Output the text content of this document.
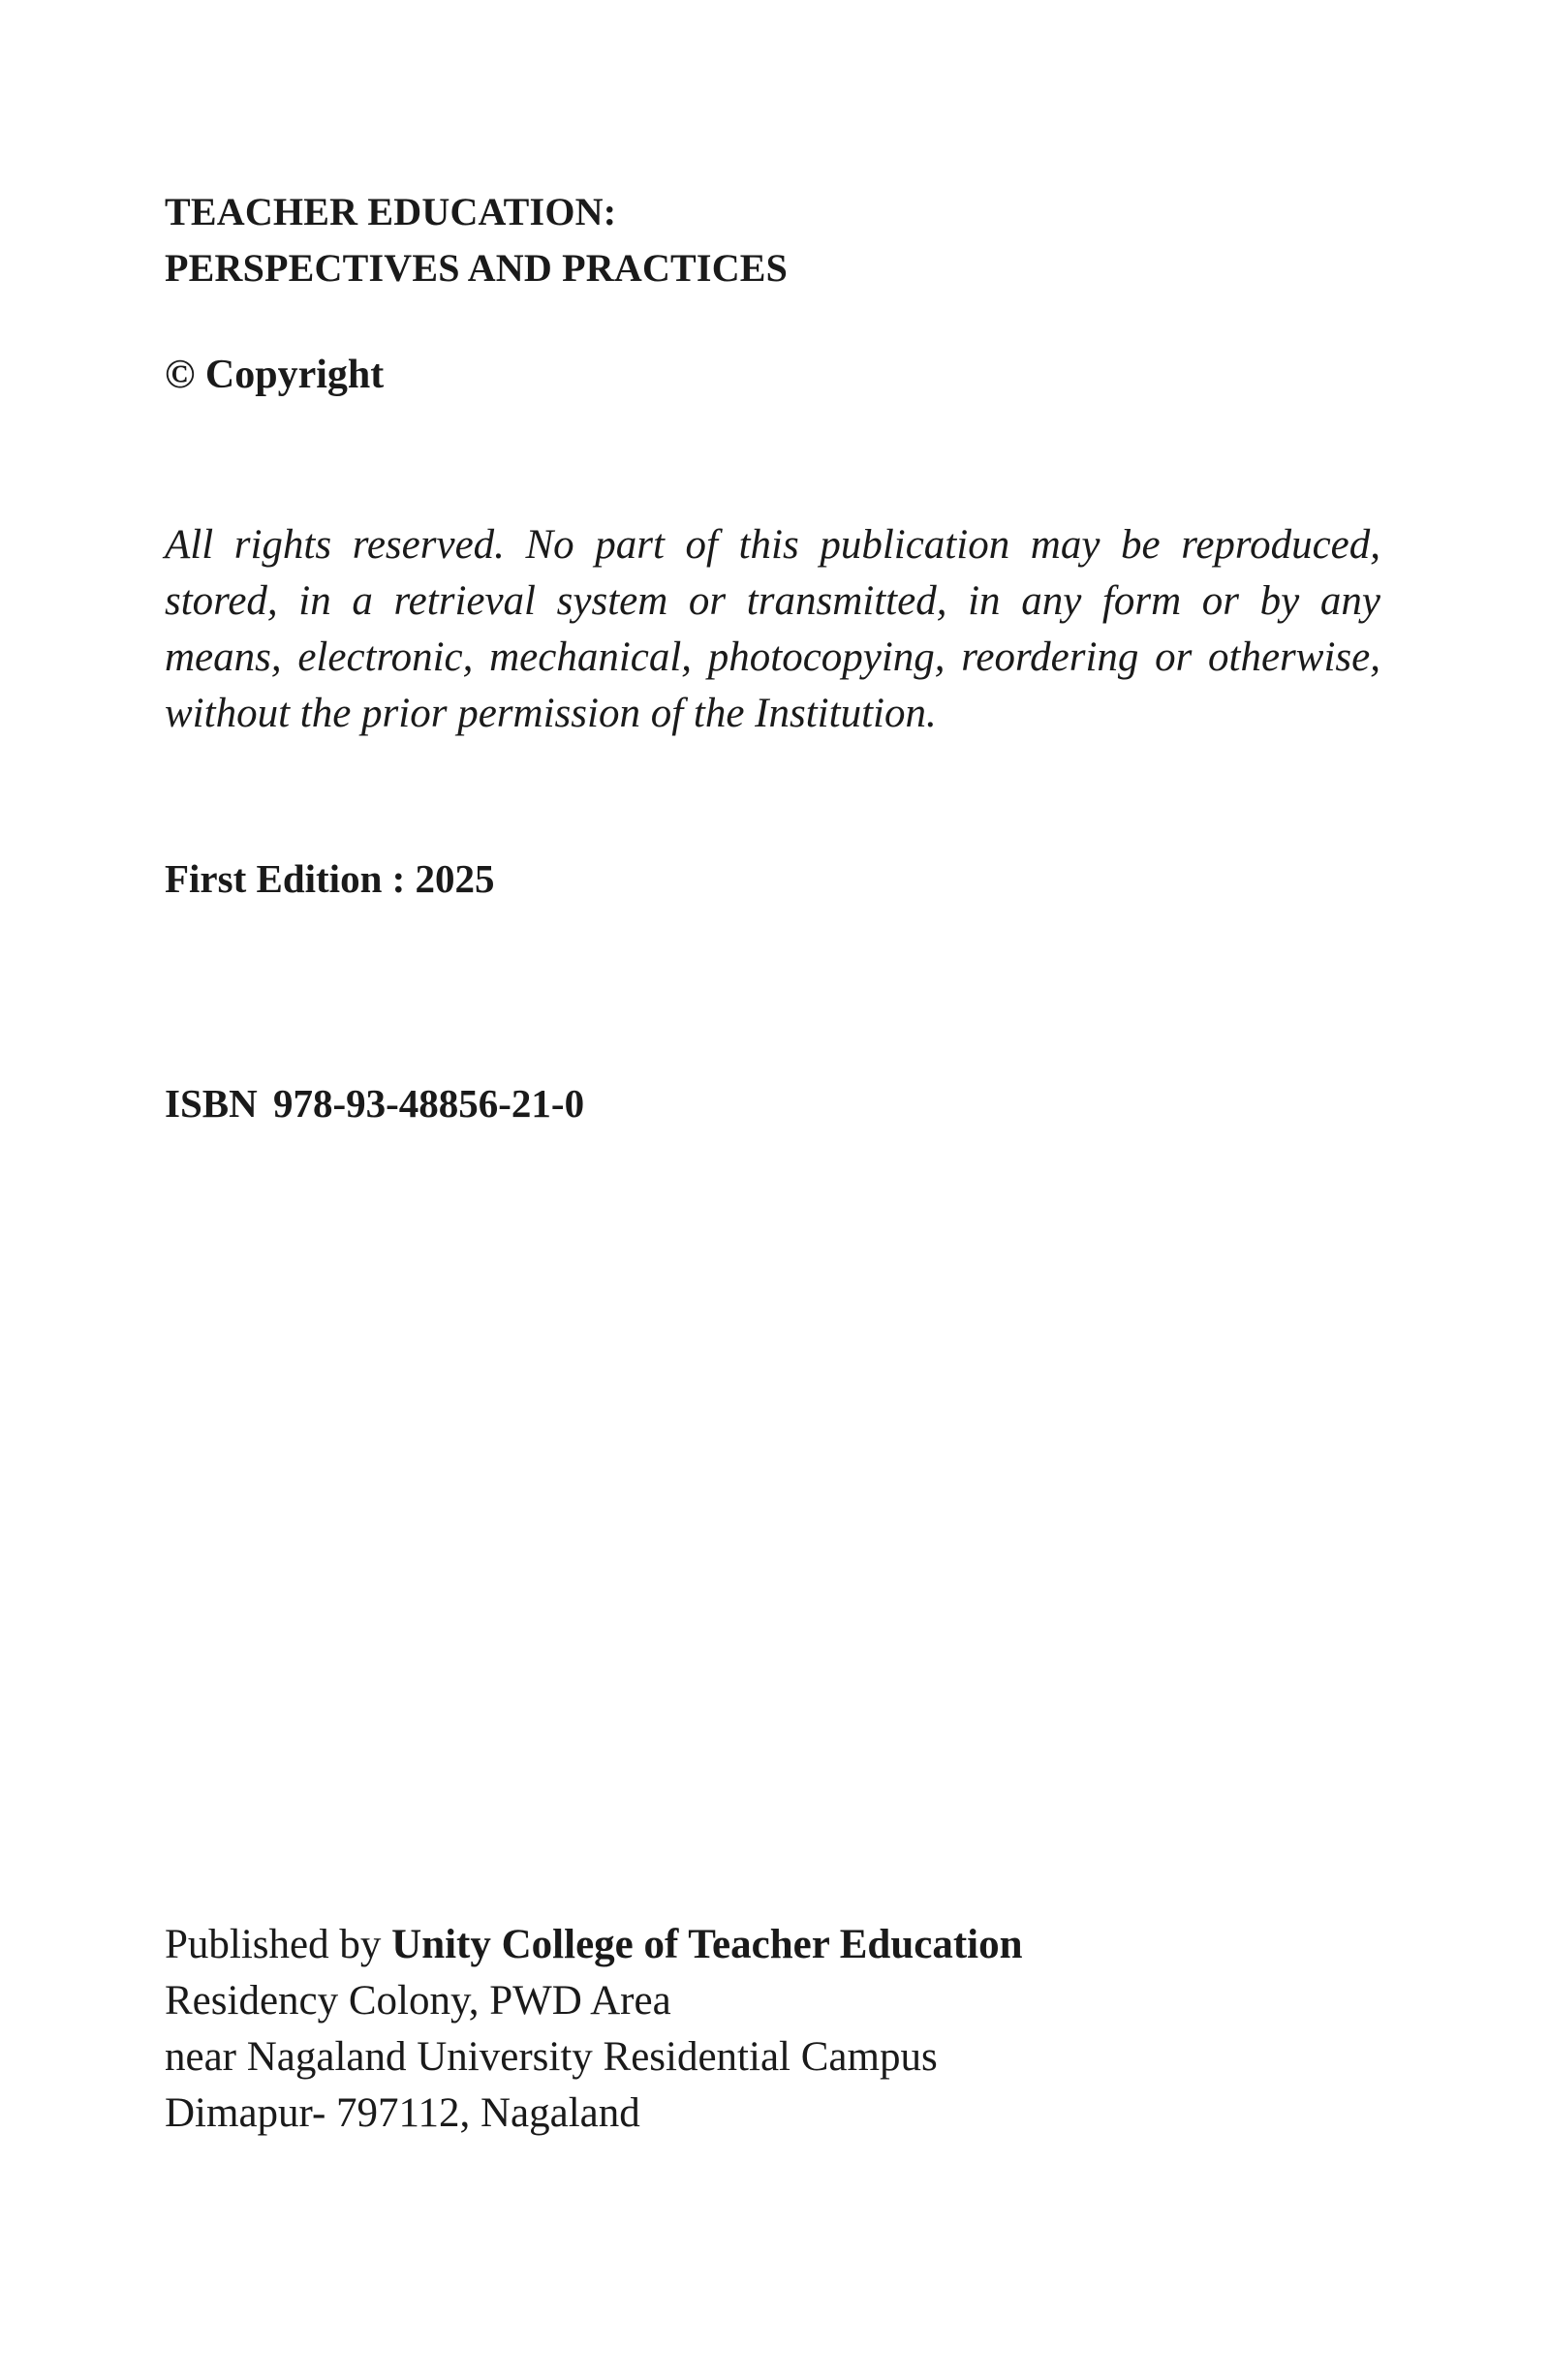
TEACHER EDUCATION:
PERSPECTIVES AND PRACTICES
© Copyright
All rights reserved. No part of this publication may be reproduced, stored, in a retrieval system or transmitted, in any form or by any means, electronic, mechanical, photocopying, reordering or otherwise, without the prior permission of the Institution.
First Edition : 2025
ISBN 978-93-48856-21-0
Published by Unity College of Teacher Education
Residency Colony, PWD Area
near Nagaland University Residential Campus
Dimapur- 797112, Nagaland
